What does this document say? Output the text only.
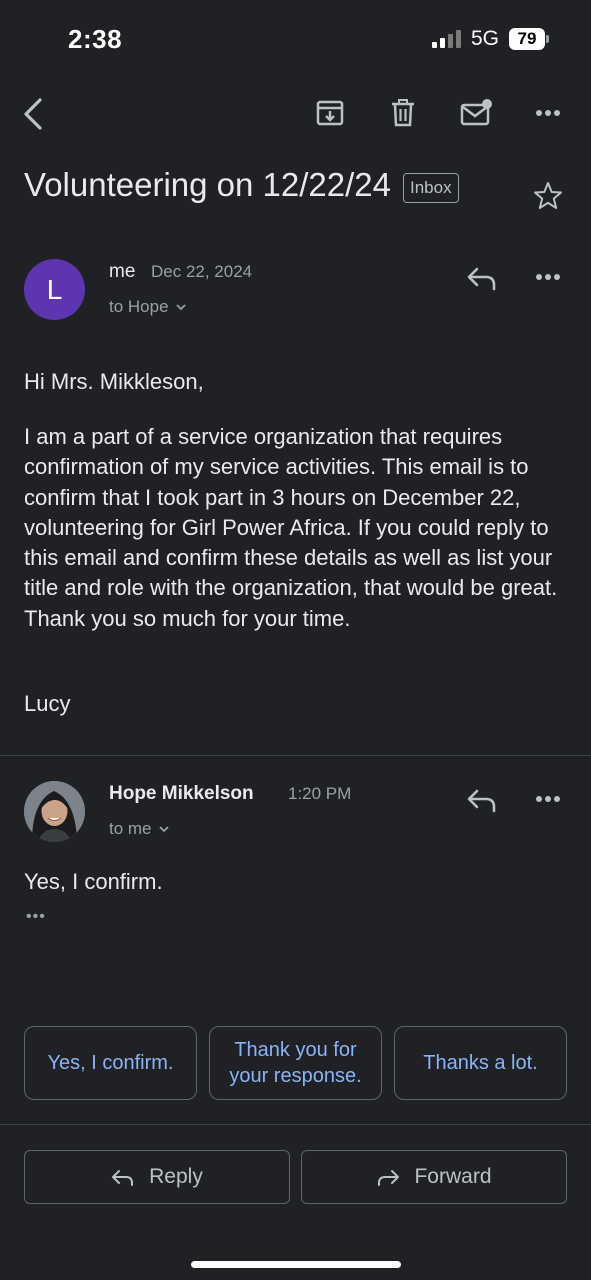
2:38	5G	79
Volunteering on 12/22/24	Inbox
L
me Dec 22, 2024
to Hope
Hi Mrs. Mikkleson,
I am a part of a service organization that requires confirmation of my service activities. This email is to confirm that I took part in 3 hours on December 22, volunteering for Girl Power Africa. If you could reply to this email and confirm these details as well as list your title and role with the organization, that would be great. Thank you so much for your time.
Lucy
Hope Mikkelson 1:20 PM
to me
Yes, I confirm.
•••
Yes, I confirm.
Thank you for your response.
Thanks a lot.
Reply	Forward
